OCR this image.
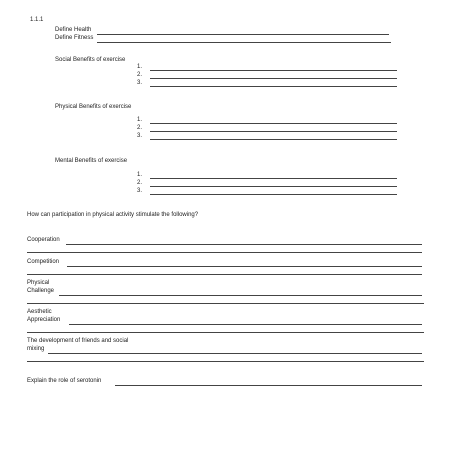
1.1.1
Define Health
Define Fitness
Social Benefits of exercise
1.
2.
3.
Physical Benefits of exercise
1.
2.
3.
Mental Benefits of exercise
1.
2.
3.
How can participation in physical activity stimulate the following?
Cooperation
Competition
Physical
Challenge
Aesthetic
Appreciation
The development of friends and social
mixing
Explain the role of serotonin
